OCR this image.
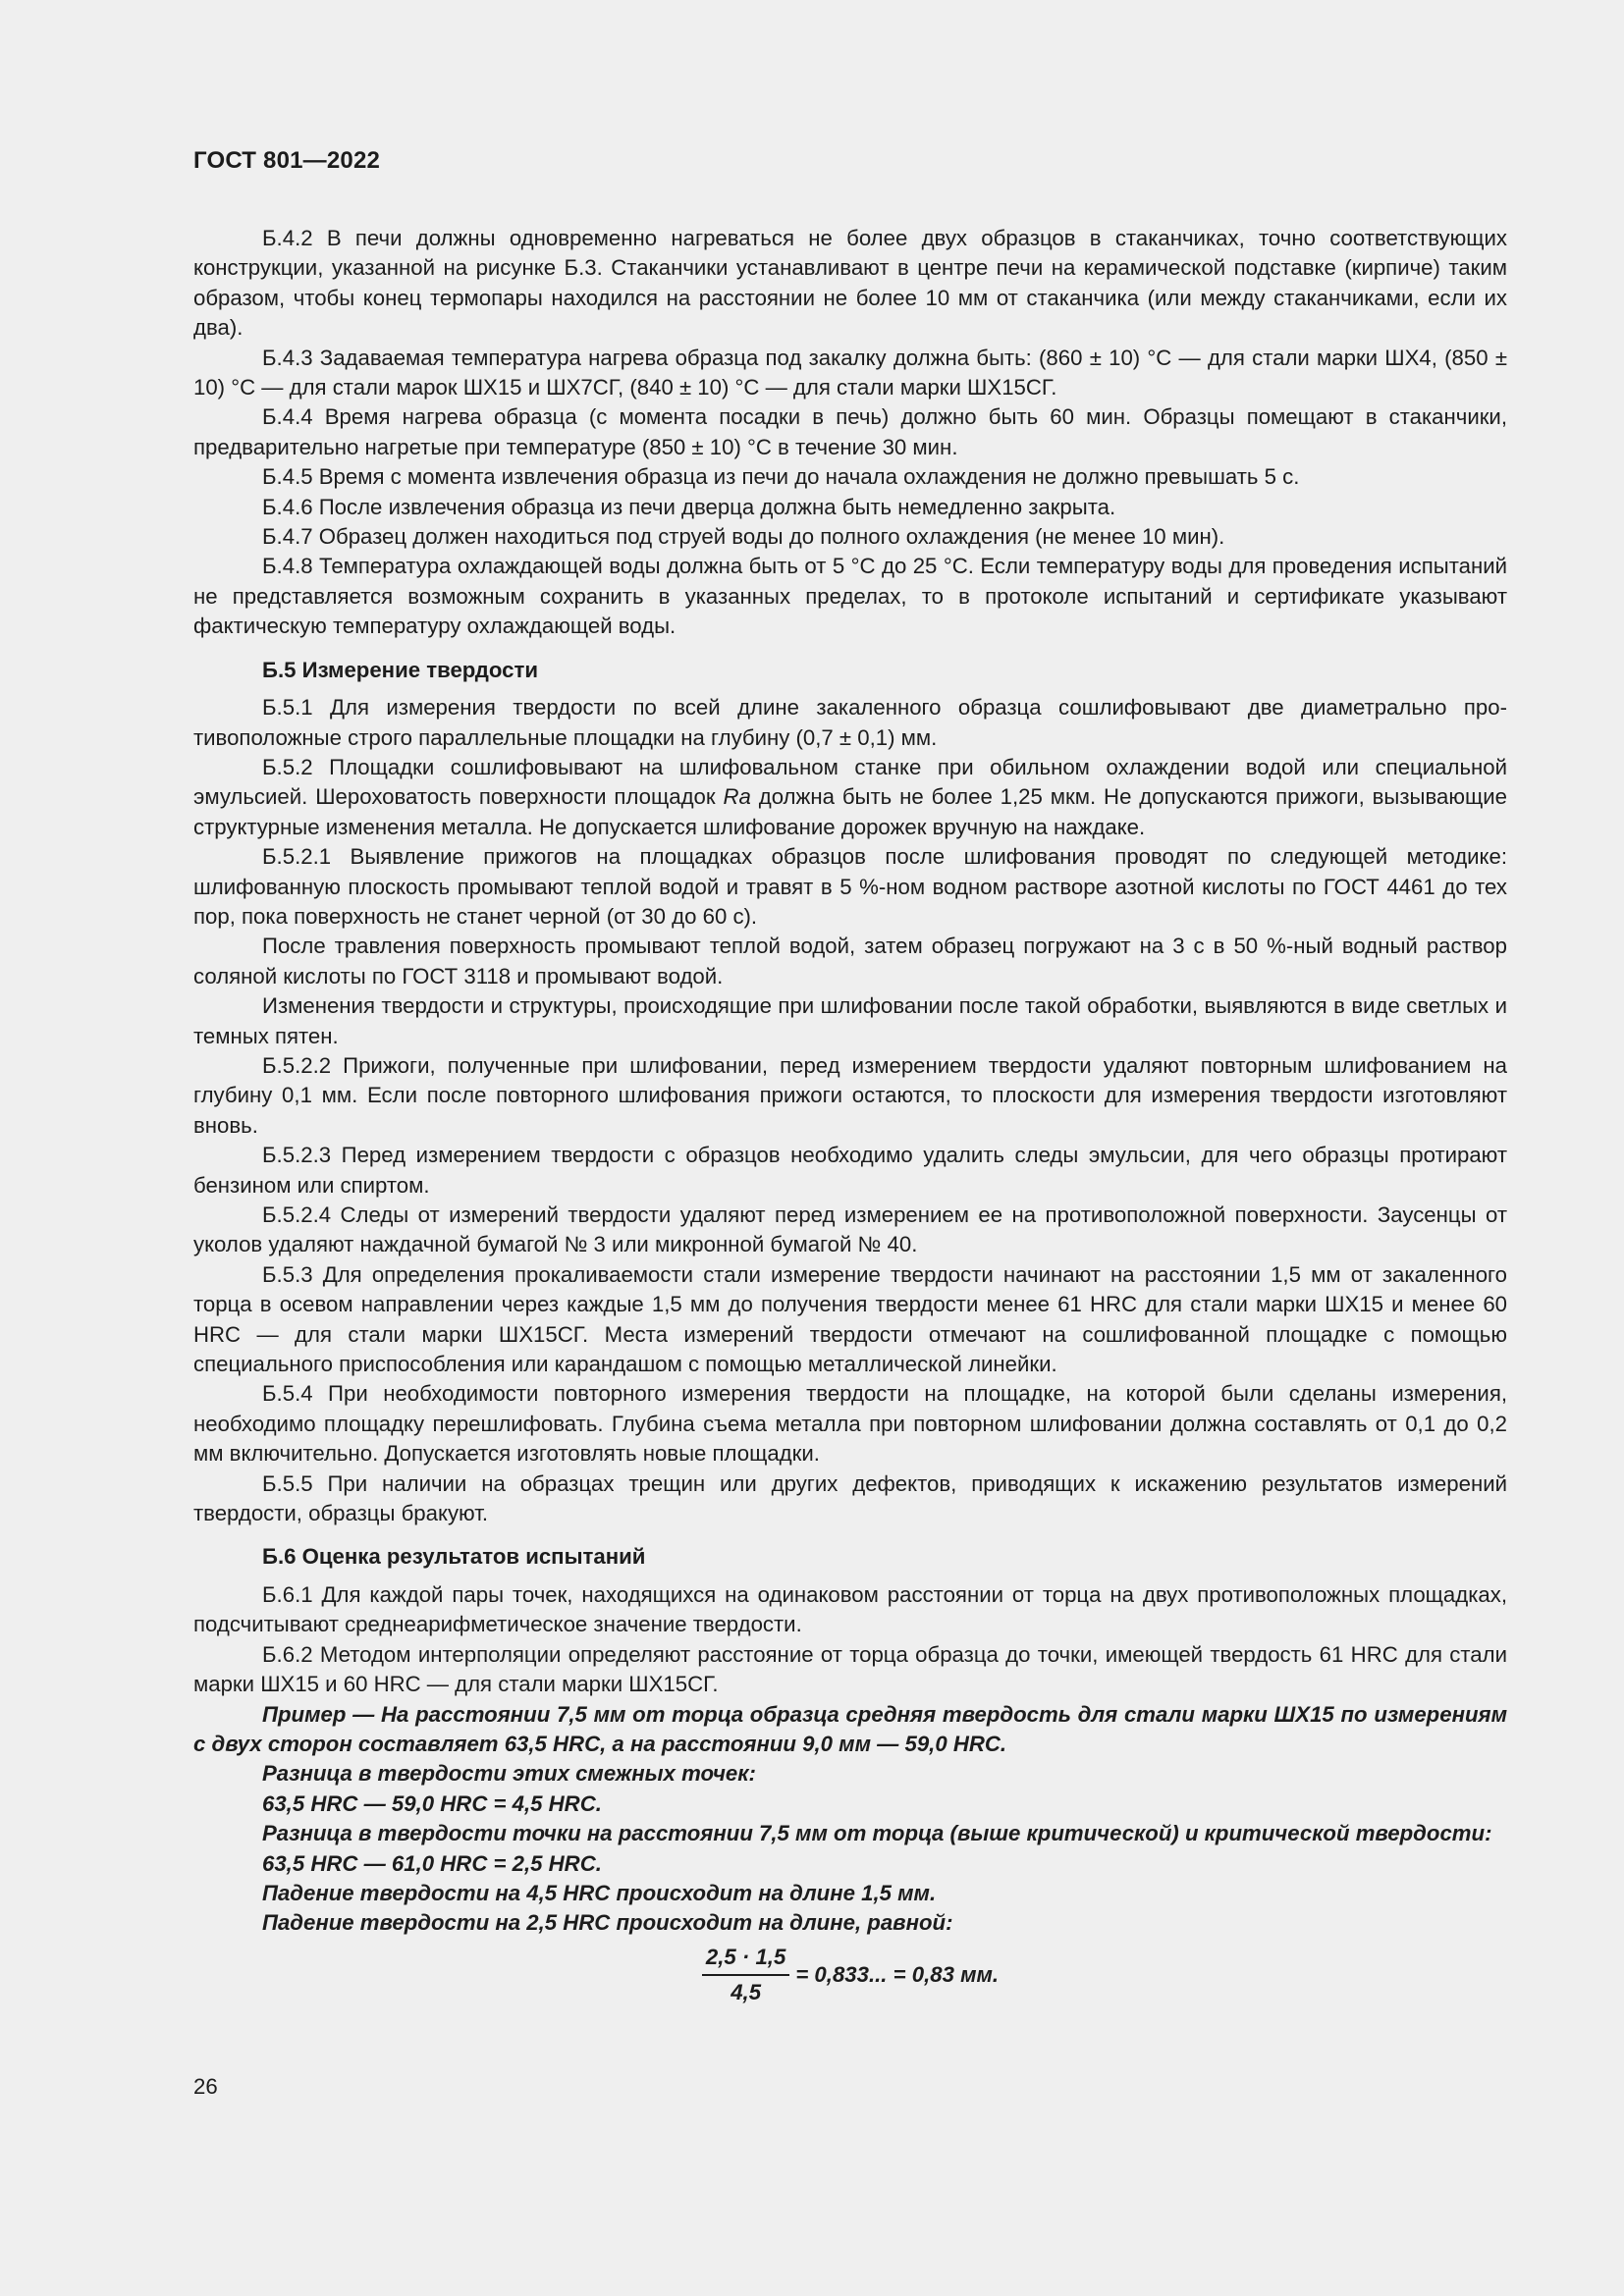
ГОСТ 801—2022

Б.4.2 В печи должны одновременно нагреваться не более двух образцов в стаканчиках, точно соответствующих конструкции, указанной на рисунке Б.3. Стаканчики устанавливают в центре печи на керамической подставке (кирпиче) таким образом, чтобы конец термопары находился на расстоянии не более 10 мм от стаканчика (или между стаканчиками, если их два).

Б.4.3 Задаваемая температура нагрева образца под закалку должна быть: (860 ± 10) °С — для стали марки ШХ4, (850 ± 10) °С — для стали марок ШХ15 и ШХ7СГ, (840 ± 10) °С — для стали марки ШХ15СГ.

Б.4.4 Время нагрева образца (с момента посадки в печь) должно быть 60 мин. Образцы помещают в стаканчики, предварительно нагретые при температуре (850 ± 10) °С в течение 30 мин.

Б.4.5 Время с момента извлечения образца из печи до начала охлаждения не должно превышать 5 с.

Б.4.6 После извлечения образца из печи дверца должна быть немедленно закрыта.

Б.4.7 Образец должен находиться под струей воды до полного охлаждения (не менее 10 мин).

Б.4.8 Температура охлаждающей воды должна быть от 5 °С до 25 °С. Если температуру воды для проведения испытаний не представляется возможным сохранить в указанных пределах, то в протоколе испытаний и сертификате указывают фактическую температуру охлаждающей воды.

Б.5 Измерение твердости

Б.5.1 Для измерения твердости по всей длине закаленного образца сошлифовывают две диаметрально противоположные строго параллельные площадки на глубину (0,7 ± 0,1) мм.

Б.5.2 Площадки сошлифовывают на шлифовальном станке при обильном охлаждении водой или специальной эмульсией. Шероховатость поверхности площадок Ra должна быть не более 1,25 мкм. Не допускаются прижоги, вызывающие структурные изменения металла. Не допускается шлифование дорожек вручную на наждаке.

Б.5.2.1 Выявление прижогов на площадках образцов после шлифования проводят по следующей методике: шлифованную плоскость промывают теплой водой и травят в 5 %-ном водном растворе азотной кислоты по ГОСТ 4461 до тех пор, пока поверхность не станет черной (от 30 до 60 с).

После травления поверхность промывают теплой водой, затем образец погружают на 3 с в 50 %-ный водный раствор соляной кислоты по ГОСТ 3118 и промывают водой.

Изменения твердости и структуры, происходящие при шлифовании после такой обработки, выявляются в виде светлых и темных пятен.

Б.5.2.2 Прижоги, полученные при шлифовании, перед измерением твердости удаляют повторным шлифованием на глубину 0,1 мм. Если после повторного шлифования прижоги остаются, то плоскости для измерения твердости изготовляют вновь.

Б.5.2.3 Перед измерением твердости с образцов необходимо удалить следы эмульсии, для чего образцы протирают бензином или спиртом.

Б.5.2.4 Следы от измерений твердости удаляют перед измерением ее на противоположной поверхности. Заусенцы от уколов удаляют наждачной бумагой № 3 или микронной бумагой № 40.

Б.5.3 Для определения прокаливаемости стали измерение твердости начинают на расстоянии 1,5 мм от закаленного торца в осевом направлении через каждые 1,5 мм до получения твердости менее 61 HRC для стали марки ШХ15 и менее 60 HRC — для стали марки ШХ15СГ. Места измерений твердости отмечают на сошлифованной площадке с помощью специального приспособления или карандашом с помощью металлической линейки.

Б.5.4 При необходимости повторного измерения твердости на площадке, на которой были сделаны измерения, необходимо площадку перешлифовать. Глубина съема металла при повторном шлифовании должна составлять от 0,1 до 0,2 мм включительно. Допускается изготовлять новые площадки.

Б.5.5 При наличии на образцах трещин или других дефектов, приводящих к искажению результатов измерений твердости, образцы бракуют.

Б.6 Оценка результатов испытаний

Б.6.1 Для каждой пары точек, находящихся на одинаковом расстоянии от торца на двух противоположных площадках, подсчитывают среднеарифметическое значение твердости.

Б.6.2 Методом интерполяции определяют расстояние от торца образца до точки, имеющей твердость 61 HRC для стали марки ШХ15 и 60 HRC — для стали марки ШХ15СГ.

Пример — На расстоянии 7,5 мм от торца образца средняя твердость для стали марки ШХ15 по измерениям с двух сторон составляет 63,5 HRC, а на расстоянии 9,0 мм — 59,0 HRC.

Разница в твердости этих смежных точек:

63,5 HRC — 59,0 HRC = 4,5 HRC.

Разница в твердости точки на расстоянии 7,5 мм от торца (выше критической) и критической твердости:

63,5 HRC — 61,0 HRC = 2,5 HRC.

Падение твердости на 4,5 HRC происходит на длине 1,5 мм.

Падение твердости на 2,5 HRC происходит на длине, равной:

$\frac{2,5 \cdot 1,5}{4,5} = 0,833$... = 0,83 мм.
26
